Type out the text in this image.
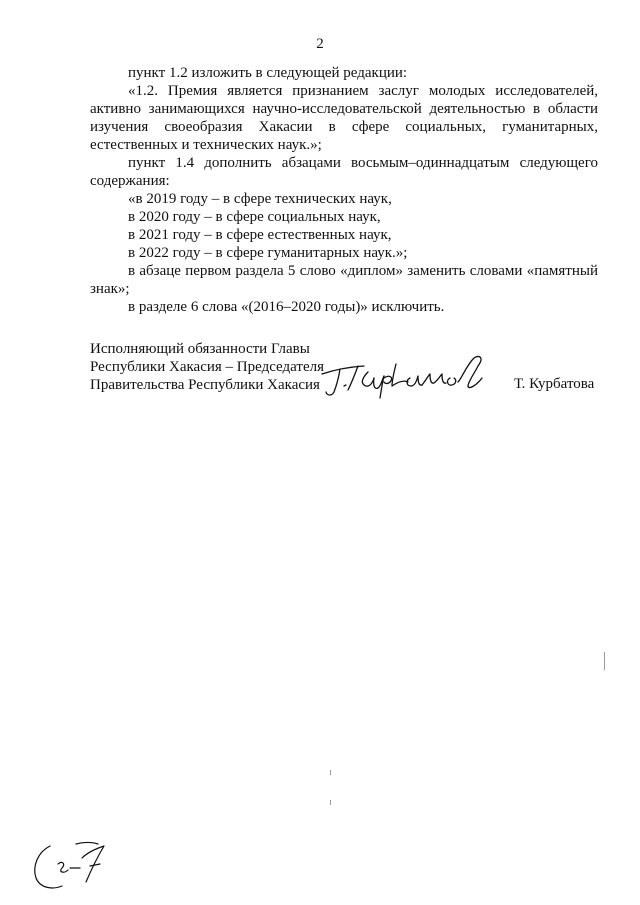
2

пункт 1.2 изложить в следующей редакции:

«1.2. Премия является признанием заслуг молодых исследователей, активно занимающихся научно-исследовательской деятельностью в области изучения своеобразия Хакасии в сфере социальных, гуманитарных, естественных и технических наук.»;

пункт 1.4 дополнить абзацами восьмым–одиннадцатым следующего содержания:

«в 2019 году – в сфере технических наук,

в 2020 году – в сфере социальных наук,

в 2021 году – в сфере естественных наук,

в 2022 году – в сфере гуманитарных наук.»;

в абзаце первом раздела 5 слово «диплом» заменить словами «памятный знак»;

в разделе 6 слова «(2016–2020 годы)» исключить.

Исполняющий обязанности Главы
Республики Хакасия – Председателя
Правительства Республики Хакасия	Т. Курбатова
